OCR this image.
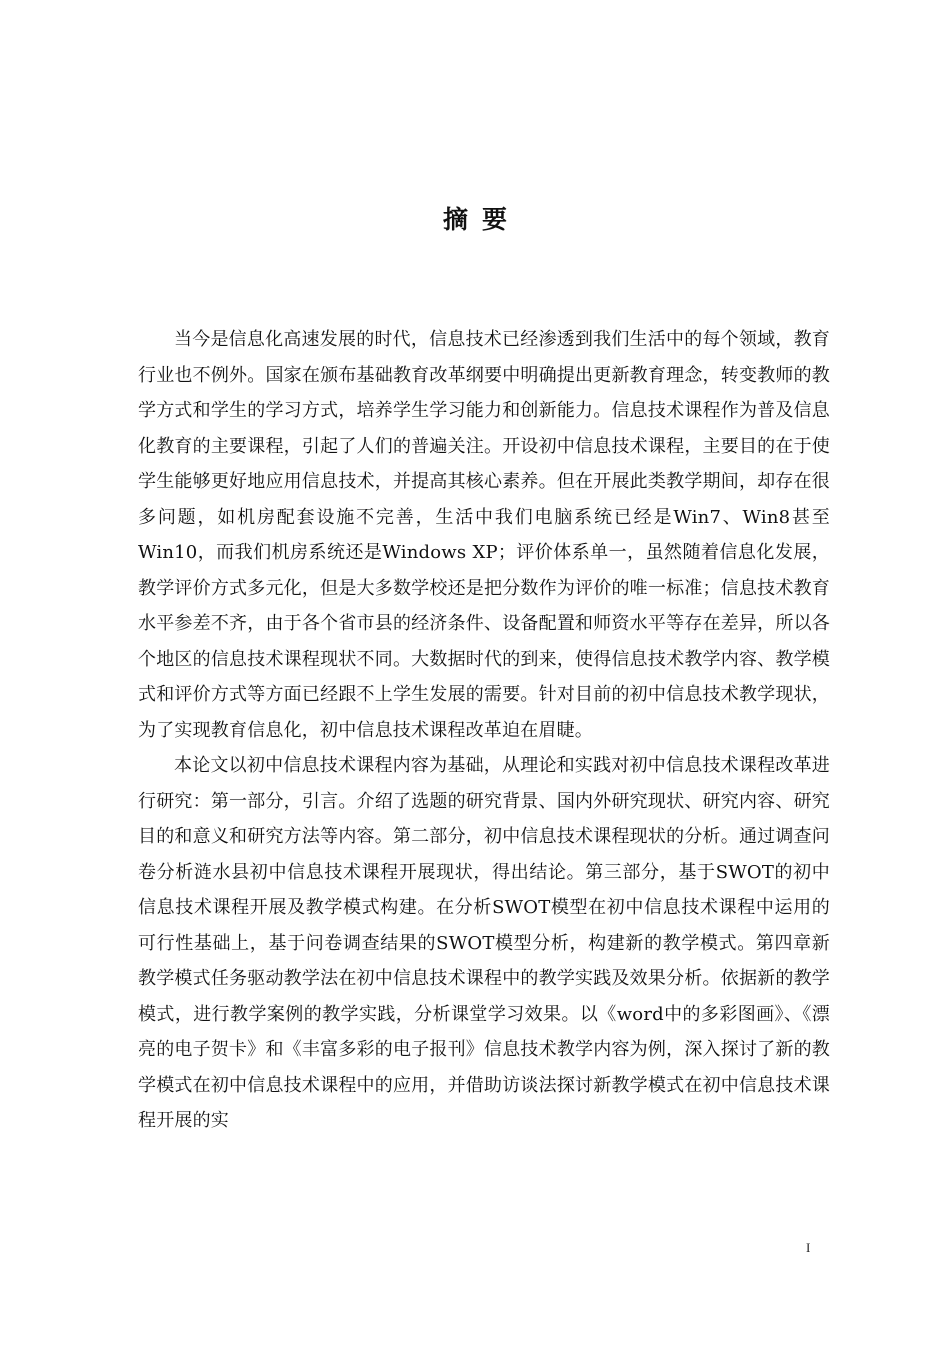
摘要

当今是信息化高速发展的时代，信息技术已经渗透到我们生活中的每个领域，教育行业也不例外。国家在颁布基础教育改革纲要中明确提出更新教育理念，转变教师的教学方式和学生的学习方式，培养学生学习能力和创新能力。信息技术课程作为普及信息化教育的主要课程，引起了人们的普遍关注。开设初中信息技术课程，主要目的在于使学生能够更好地应用信息技术，并提高其核心素养。但在开展此类教学期间，却存在很多问题，如机房配套设施不完善，生活中我们电脑系统已经是Win7、Win8甚至Win10，而我们机房系统还是Windows XP；评价体系单一，虽然随着信息化发展，教学评价方式多元化，但是大多数学校还是把分数作为评价的唯一标准；信息技术教育水平参差不齐，由于各个省市县的经济条件、设备配置和师资水平等存在差异，所以各个地区的信息技术课程现状不同。大数据时代的到来，使得信息技术教学内容、教学模式和评价方式等方面已经跟不上学生发展的需要。针对目前的初中信息技术教学现状，为了实现教育信息化，初中信息技术课程改革迫在眉睫。

本论文以初中信息技术课程内容为基础，从理论和实践对初中信息技术课程改革进行研究：第一部分，引言。介绍了选题的研究背景、国内外研究现状、研究内容、研究目的和意义和研究方法等内容。第二部分，初中信息技术课程现状的分析。通过调查问卷分析涟水县初中信息技术课程开展现状，得出结论。第三部分，基于SWOT的初中信息技术课程开展及教学模式构建。在分析SWOT模型在初中信息技术课程中运用的可行性基础上，基于问卷调查结果的SWOT模型分析，构建新的教学模式。第四章新教学模式任务驱动教学法在初中信息技术课程中的教学实践及效果分析。依据新的教学模式，进行教学案例的教学实践，分析课堂学习效果。以《word中的多彩图画》、《漂亮的电子贺卡》和《丰富多彩的电子报刊》信息技术教学内容为例，深入探讨了新的教学模式在初中信息技术课程中的应用，并借助访谈法探讨新教学模式在初中信息技术课程开展的实

I
